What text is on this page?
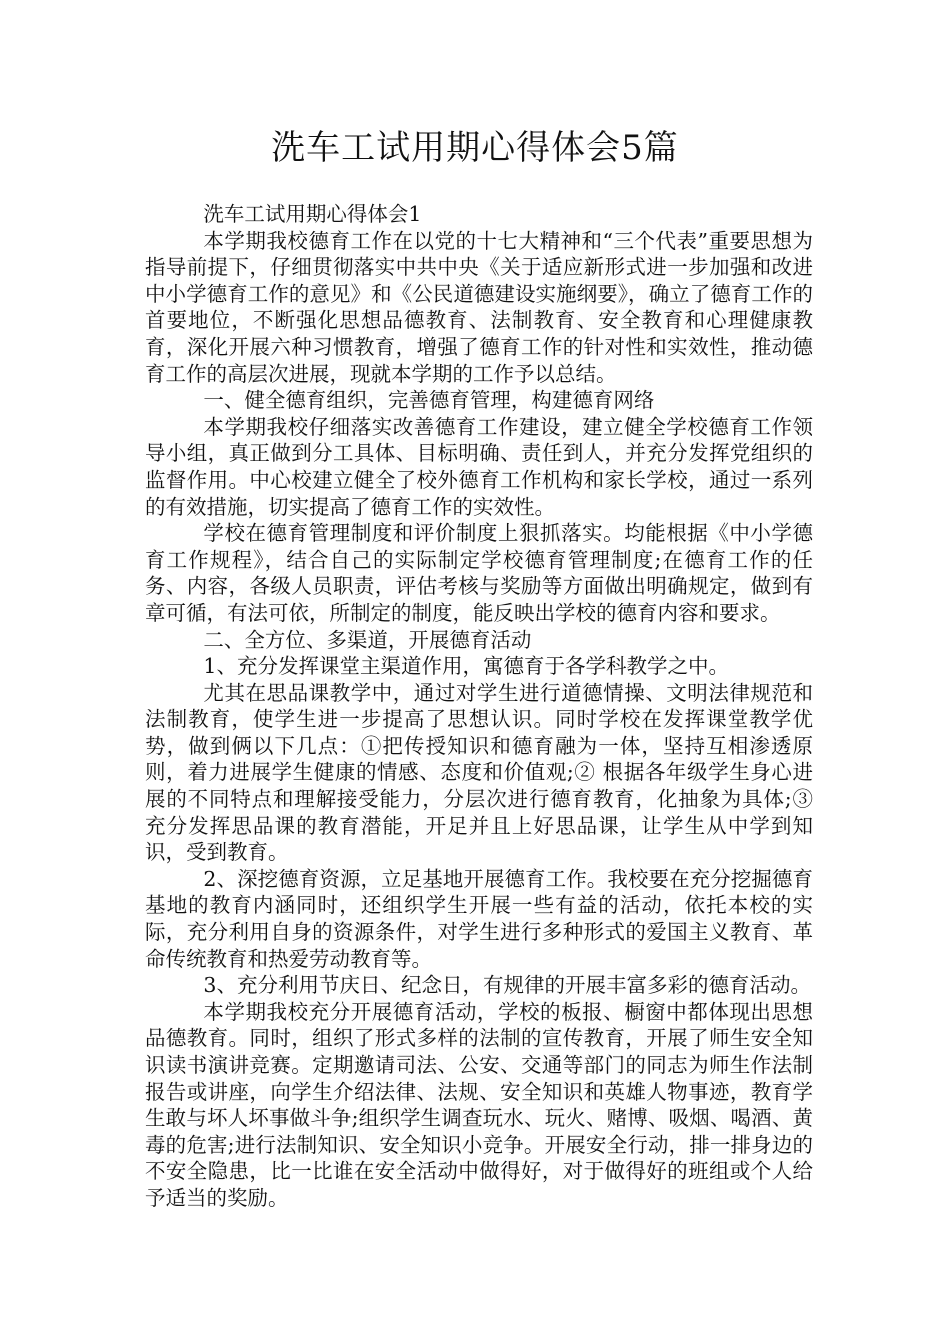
洗车工试用期心得体会5篇

洗车工试用期心得体会1

本学期我校德育工作在以党的十七大精神和“三个代表”重要思想为指导前提下，仔细贯彻落实中共中央《关于适应新形式进一步加强和改进中小学德育工作的意见》和《公民道德建设实施纲要》，确立了德育工作的首要地位，不断强化思想品德教育、法制教育、安全教育和心理健康教育，深化开展六种习惯教育，增强了德育工作的针对性和实效性，推动德育工作的高层次进展，现就本学期的工作予以总结。

一、健全德育组织，完善德育管理，构建德育网络

本学期我校仔细落实改善德育工作建设，建立健全学校德育工作领导小组，真正做到分工具体、目标明确、责任到人，并充分发挥党组织的监督作用。中心校建立健全了校外德育工作机构和家长学校，通过一系列的有效措施，切实提高了德育工作的实效性。

学校在德育管理制度和评价制度上狠抓落实。均能根据《中小学德育工作规程》，结合自己的实际制定学校德育管理制度;在德育工作的任务、内容，各级人员职责，评估考核与奖励等方面做出明确规定，做到有章可循，有法可依，所制定的制度，能反映出学校的德育内容和要求。

二、全方位、多渠道，开展德育活动

1、充分发挥课堂主渠道作用，寓德育于各学科教学之中。

尤其在思品课教学中，通过对学生进行道德情操、文明法律规范和法制教育，使学生进一步提高了思想认识。同时学校在发挥课堂教学优势，做到俩以下几点：①把传授知识和德育融为一体，坚持互相渗透原则，着力进展学生健康的情感、态度和价值观;② 根据各年级学生身心进展的不同特点和理解接受能力，分层次进行德育教育，化抽象为具体;③ 充分发挥思品课的教育潜能，开足并且上好思品课，让学生从中学到知识，受到教育。

2、深挖德育资源，立足基地开展德育工作。我校要在充分挖掘德育基地的教育内涵同时，还组织学生开展一些有益的活动，依托本校的实际，充分利用自身的资源条件，对学生进行多种形式的爱国主义教育、革命传统教育和热爱劳动教育等。

3、充分利用节庆日、纪念日，有规律的开展丰富多彩的德育活动。

本学期我校充分开展德育活动，学校的板报、橱窗中都体现出思想品德教育。同时，组织了形式多样的法制的宣传教育，开展了师生安全知识读书演讲竞赛。定期邀请司法、公安、交通等部门的同志为师生作法制报告或讲座，向学生介绍法律、法规、安全知识和英雄人物事迹，教育学生敢与坏人坏事做斗争;组织学生调查玩水、玩火、赌博、吸烟、喝酒、黄毒的危害;进行法制知识、安全知识小竞争。开展安全行动，排一排身边的不安全隐患，比一比谁在安全活动中做得好，对于做得好的班组或个人给予适当的奖励。
